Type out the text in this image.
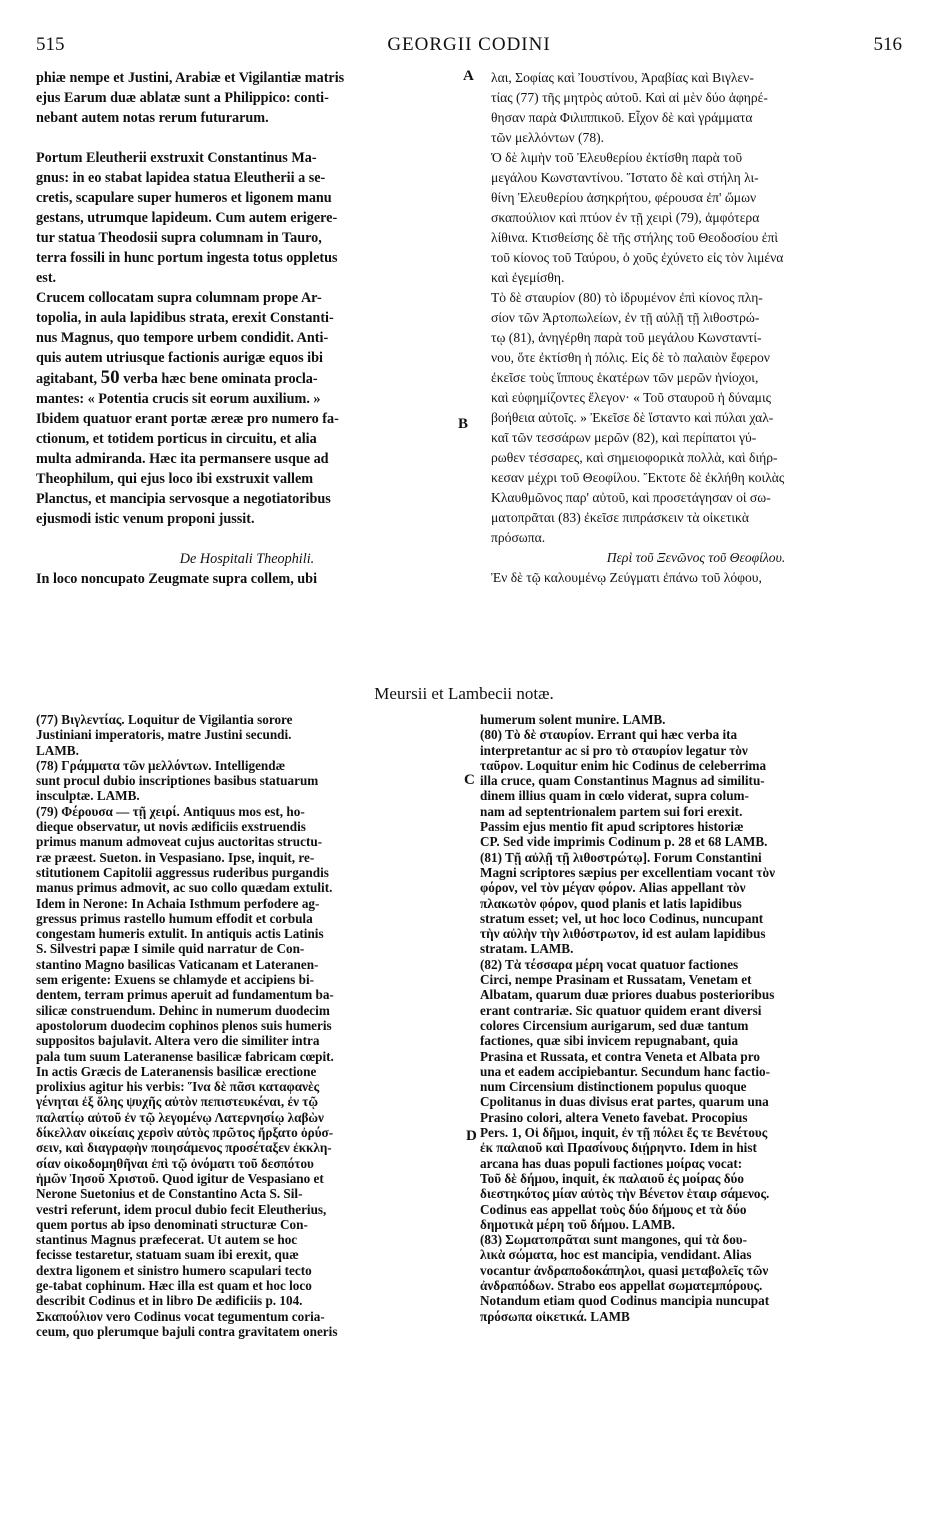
515	GEORGII CODINI	516
A
B
C
D

phiæ nempe et Justini, Arabiæ et Vigilantiæ matris

ejus Earum duæ ablatæ sunt a Philippico: conti-

nebant autem notas rerum futurarum.

Portum Eleutherii exstruxit Constantinus Ma-

gnus: in eo stabat lapidea statua Eleutherii a se-

cretis, scapulare super humeros et ligonem manu

gestans, utrumque lapideum. Cum autem erigere-

tur statua Theodosii supra columnam in Tauro,

terra fossili in hunc portum ingesta totus oppletus

est.

Crucem collocatam supra columnam prope Ar-

topolia, in aula lapidibus strata, erexit Constanti-

nus Magnus, quo tempore urbem condidit. Anti-

quis autem utriusque factionis aurigæ equos ibi

agitabant, 50 verba hæc bene ominata procla-

mantes: « Potentia crucis sit eorum auxilium. »

Ibidem quatuor erant portæ æreæ pro numero fa-

ctionum, et totidem porticus in circuitu, et alia

multa admiranda. Hæc ita permansere usque ad

Theophilum, qui ejus loco ibi exstruxit vallem

Planctus, et mancipia servosque a negotiatoribus

ejusmodi istic venum proponi jussit.

De Hospitali Theophili.

In loco noncupato Zeugmate supra collem, ubi

λαι, Σοφίας καὶ Ἰουστίνου, Ἀραβίας καὶ Βιγλεν-

τίας (77) τῆς μητρὸς αὐτοῦ. Καὶ αἱ μὲν δύο ἀφηρέ-

θησαν παρὰ Φιλιππικοῦ. Εἶχον δὲ καὶ γράμματα

τῶν μελλόντων (78).

Ὁ δὲ λιμὴν τοῦ Ἐλευθερίου ἐκτίσθη παρὰ τοῦ

μεγάλου Κωνσταντίνου. Ἵστατο δὲ καὶ στήλη λι-

θίνη Ἐλευθερίου ἀσηκρήτου, φέρουσα ἐπ' ὤμων

σκαπούλιον καὶ πτύον ἐν τῇ χειρὶ (79), ἀμφότερα

λίθινα. Κτισθείσης δὲ τῆς στήλης τοῦ Θεοδοσίου ἐπὶ

τοῦ κίονος τοῦ Ταύρου, ὁ χοῦς ἐχύνετο εἰς τὸν λιμένα

καὶ ἐγεμίσθη.

Τὸ δὲ σταυρίον (80) τὸ ἱδρυμένον ἐπὶ κίονος πλη-

σίον τῶν Ἀρτοπωλείων, ἐν τῇ αὐλῇ τῇ λιθοστρώ-

τῳ (81), ἀνηγέρθη παρὰ τοῦ μεγάλου Κωνσταντί-

νου, ὅτε ἐκτίσθη ἡ πόλις. Εἰς δὲ τὸ παλαιὸν ἔφερον

ἐκεῖσε τοὺς ἵππους ἑκατέρων τῶν μερῶν ἡνίοχοι,

καὶ εὐφημίζοντες ἔλεγον· « Τοῦ σταυροῦ ἡ δύναμις

βοήθεια αὐτοῖς. » Ἐκεῖσε δὲ ἵσταντο καὶ πύλαι χαλ-

καῖ τῶν τεσσάρων μερῶν (82), καὶ περίπατοι γύ-

ρωθεν τέσσαρες, καὶ σημειοφορικὰ πολλὰ, καὶ διήρ-

κεσαν μέχρι τοῦ Θεοφίλου. Ἔκτοτε δὲ ἐκλήθη κοιλὰς

Κλαυθμῶνος παρ' αὐτοῦ, καὶ προσετάγησαν οἱ σω-

ματοπρᾶται (83) ἐκεῖσε πιπράσκειν τὰ οἰκετικὰ

πρόσωπα.

Περὶ τοῦ Ξενῶνος τοῦ Θεοφίλου.

Ἐν δὲ τῷ καλουμένῳ Ζεύγματι ἐπάνω τοῦ λόφου,

Meursii et Lambecii notæ.
(77) Βιγλεντίας. Loquitur de Vigilantia sorore
Justiniani imperatoris, matre Justini secundi.
LAMB.
(78) Γράμματα τῶν μελλόντων. Intelligendæ
sunt procul dubio inscriptiones basibus statuarum
insculptæ. LAMB.
(79) Φέρουσα — τῇ χειρί. Antiquus mos est, ho-
dieque observatur, ut novis ædificiis exstruendis
primus manum admoveat cujus auctoritas structu-
ræ præest. Sueton. in Vespasiano. Ipse, inquit, re-
stitutionem Capitolii aggressus ruderibus purgandis
manus primus admovit, ac suo collo quædam extulit.
Idem in Nerone: In Achaia Isthmum perfodere ag-
gressus primus rastello humum effodit et corbula
congestam humeris extulit. In antiquis actis Latinis
S. Silvestri papæ I simile quid narratur de Con-
stantino Magno basilicas Vaticanam et Lateranen-
sem erigente: Exuens se chlamyde et accipiens bi-
dentem, terram primus aperuit ad fundamentum ba-
silicæ construendum. Dehinc in numerum duodecim
apostolorum duodecim cophinos plenos suis humeris
suppositos bajulavit. Altera vero die similiter intra
pala tum suum Lateranense basilicæ fabricam cœpit.
In actis Græcis de Lateranensis basilicæ erectione
prolixius agitur his verbis: Ἵνα δὲ πᾶσι καταφανὲς
γένηται ἐξ ὅλης ψυχῆς αὐτὸν πεπιστευκέναι, ἐν τῷ
παλατίῳ αὐτοῦ ἐν τῷ λεγομένῳ Λατερνησίῳ λαβὼν
δίκελλαν οἰκείαις χερσὶν αὐτὸς πρῶτος ἤρξατο ὀρύσ-
σειν, καὶ διαγραφὴν ποιησάμενος προσέταξεν ἐκκλη-
σίαν οἰκοδομηθῆναι ἐπὶ τῷ ὀνόματι τοῦ δεσπότου
ἡμῶν Ἰησοῦ Χριστοῦ. Quod igitur de Vespasiano et
Nerone Suetonius et de Constantino Acta S. Sil-
vestri referunt, idem procul dubio fecit Eleutherius,
quem portus ab ipso denominati structuræ Con-
stantinus Magnus præfecerat. Ut autem se hoc
fecisse testaretur, statuam suam ibi erexit, quæ
dextra ligonem et sinistro humero scapulari tecto
ge-tabat cophinum. Hæc illa est quam et hoc loco
describit Codinus et in libro De ædificiis p. 104.
Σκαπούλιον vero Codinus vocat tegumentum coria-
ceum, quo plerumque bajuli contra gravitatem oneris
humerum solent munire. LAMB.
(80) Τὸ δὲ σταυρίον. Errant qui hæc verba ita
interpretantur ac si pro τὸ σταυρίον legatur τὸν
ταῦρον. Loquitur enim hic Codinus de celeberrima
illa cruce, quam Constantinus Magnus ad similitu-
dinem illius quam in cœlo viderat, supra colum-
nam ad septentrionalem partem sui fori erexit.
Passim ejus mentio fit apud scriptores historiæ
CP. Sed vide imprimis Codinum p. 28 et 68 LAMB.
(81) Τῇ αὐλῇ τῇ λιθοστρώτῳ]. Forum Constantini
Magni scriptores sæpius per excellentiam vocant τὸν
φόρον, vel τὸν μέγαν φόρον. Alias appellant τὸν
πλακωτὸν φόρον, quod planis et latis lapidibus
stratum esset; vel, ut hoc loco Codinus, nuncupant
τὴν αὐλὴν τὴν λιθόστρωτον, id est aulam lapidibus
stratam. LAMB.
(82) Τὰ τέσσαρα μέρη vocat quatuor factiones
Circi, nempe Prasinam et Russatam, Venetam et
Albatam, quarum duæ priores duabus posterioribus
erant contrariæ. Sic quatuor quidem erant diversi
colores Circensium aurigarum, sed duæ tantum
factiones, quæ sibi invicem repugnabant, quia
Prasina et Russata, et contra Veneta et Albata pro
una et eadem accipiebantur. Secundum hanc factio-
num Circensium distinctionem populus quoque
Cpolitanus in duas divisus erat partes, quarum una
Prasino colori, altera Veneto favebat. Procopius
Pers. 1, Οἱ δῆμοι, inquit, ἐν τῇ πόλει ἔς τε Βενέτους
ἐκ παλαιοῦ καὶ Πρασίνους διῄρηντο. Idem in hist
arcana has duas populi factiones μοίρας vocat:
Τοῦ δὲ δήμου, inquit, ἐκ παλαιοῦ ἐς μοίρας δύο
διεστηκότος μίαν αὐτὸς τὴν Βένετον ἑταιρ σάμενος.
Codinus eas appellat τοὺς δύο δήμους et τὰ δύο
δημοτικὰ μέρη τοῦ δήμου. LAMB.
(83) Σωματοπρᾶται sunt mangones, qui τὰ δου-
λικὰ σώματα, hoc est mancipia, vendidant. Alias
vocantur ἀνδραποδοκάπηλοι, quasi μεταβολεῖς τῶν
ἀνδραπόδων. Strabo eos appellat σωματεμπόρους.
Notandum etiam quod Codinus mancipia nuncupat
πρόσωπα οἰκετικά. LAMB
